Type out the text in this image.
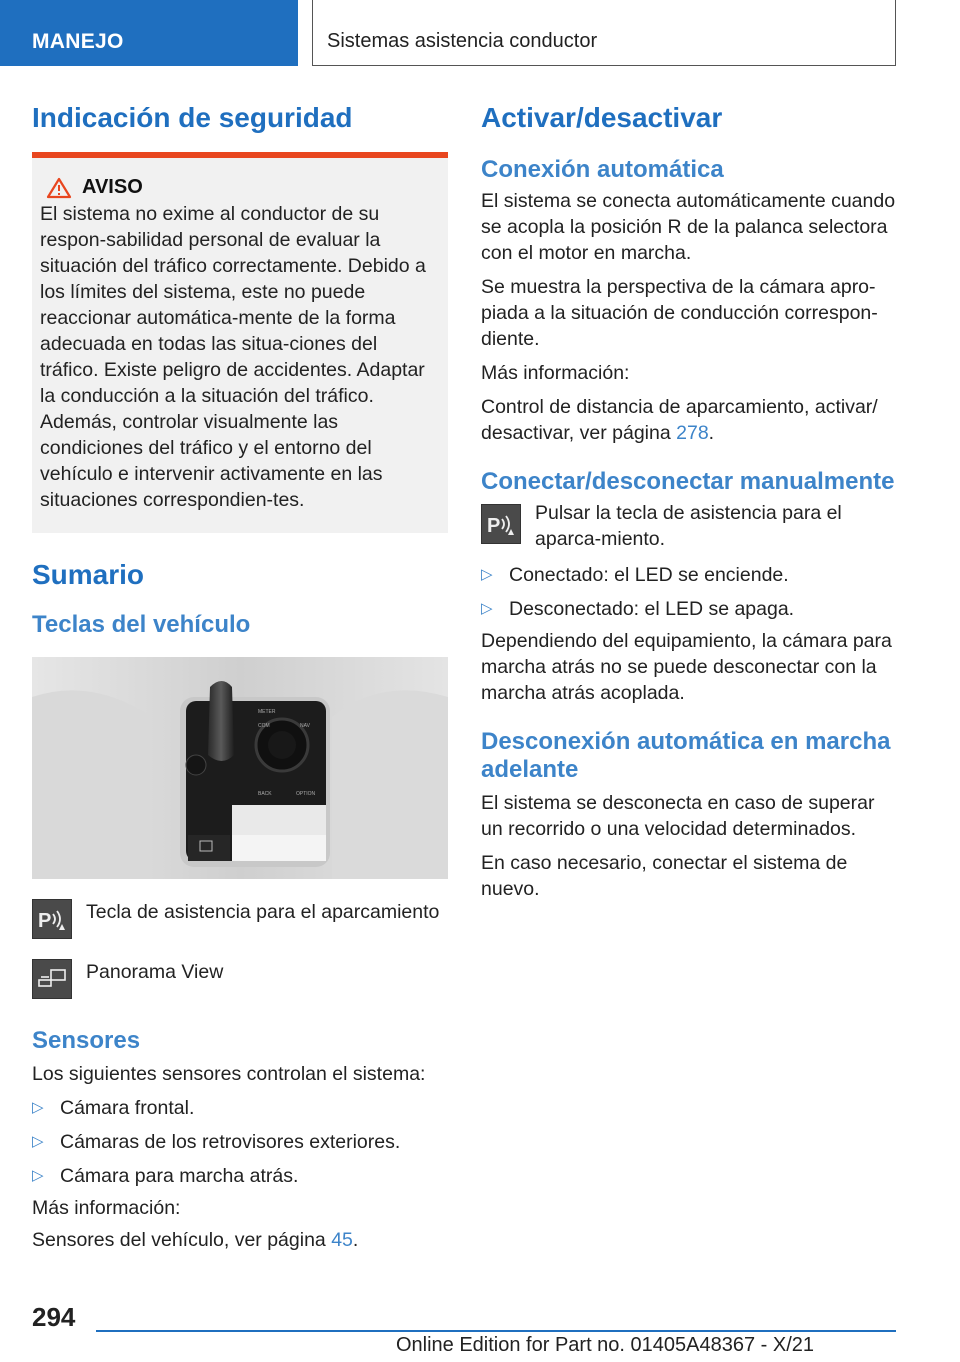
MANEJO	Sistemas asistencia conductor
Indicación de seguridad
AVISO

El sistema no exime al conductor de su respon-sabilidad personal de evaluar la situación del tráfico correctamente. Debido a los límites del sistema, este no puede reaccionar automática-mente de la forma adecuada en todas las situa-ciones del tráfico. Existe peligro de accidentes. Adaptar la conducción a la situación del tráfico. Además, controlar visualmente las condiciones del tráfico y el entorno del vehículo e intervenir activamente en las situaciones correspondien-tes.

Sumario
Teclas del vehículo
METER
COM	NAV
BACK	OPTION
P Tecla de asistencia para el aparcamiento
Panorama View
Sensores

Los siguientes sensores controlan el sistema:

▷ Cámara frontal.
▷ Cámaras de los retrovisores exteriores.
▷ Cámara para marcha atrás.

Más información:

Sensores del vehículo, ver página 45.

Activar/desactivar
Conexión automática

El sistema se conecta automáticamente cuando se acopla la posición R de la palanca selectora con el motor en marcha.

Se muestra la perspectiva de la cámara apro-piada a la situación de conducción correspon-diente.

Más información:

Control de distancia de aparcamiento, activar/ desactivar, ver página 278.

Conectar/desconectar manualmente
P
Pulsar la tecla de asistencia para el aparca-miento.
▷ Conectado: el LED se enciende.
▷ Desconectado: el LED se apaga.

Dependiendo del equipamiento, la cámara para marcha atrás no se puede desconectar con la marcha atrás acoplada.

Desconexión automática en marcha adelante

El sistema se desconecta en caso de superar un recorrido o una velocidad determinados.

En caso necesario, conectar el sistema de nuevo.

294
Online Edition for Part no. 01405A48367 - X/21
